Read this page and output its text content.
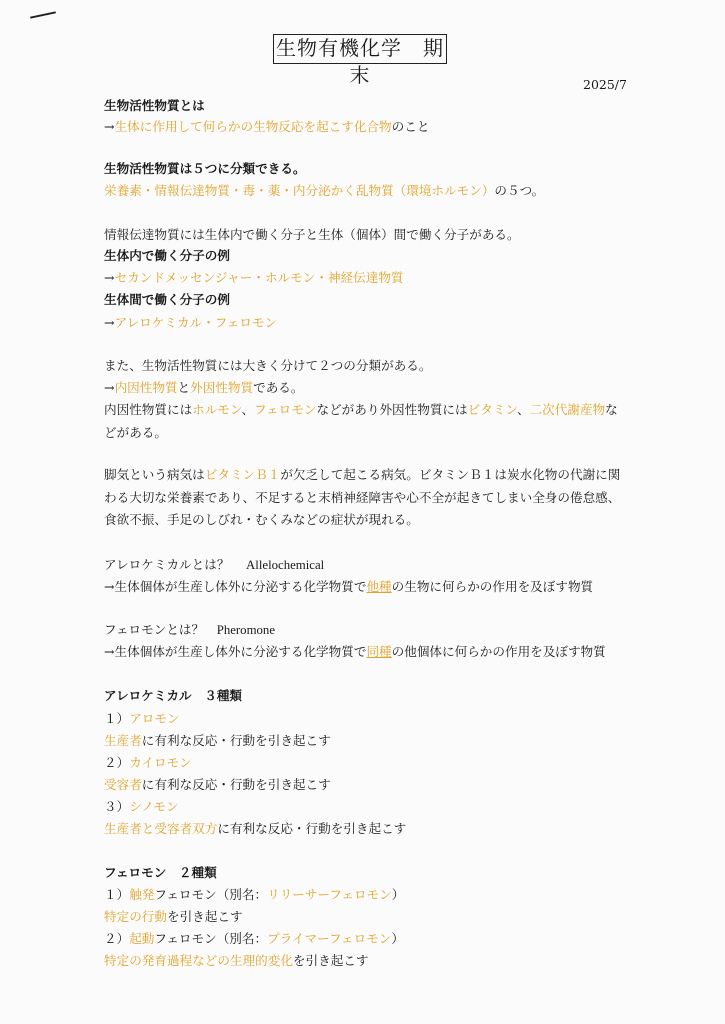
生物有機化学　期末	2025/7
生物活性物質とは
→生体に作用して何らかの生物反応を起こす化合物のこと
生物活性物質は５つに分類できる。
栄養素・情報伝達物質・毒・薬・内分泌かく乱物質（環境ホルモン）の５つ。
情報伝達物質には生体内で働く分子と生体（個体）間で働く分子がある。
生体内で働く分子の例
→セカンドメッセンジャー・ホルモン・神経伝達物質
生体間で働く分子の例
→アレロケミカル・フェロモン
また、生物活性物質には大きく分けて２つの分類がある。
→内因性物質と外因性物質である。
内因性物質にはホルモン、フェロモンなどがあり外因性物質にはビタミン、二次代謝産物な
どがある。
脚気という病気はビタミンＢ１が欠乏して起こる病気。ビタミンＢ１は炭水化物の代謝に関
わる大切な栄養素であり、不足すると末梢神経障害や心不全が起きてしまい全身の倦怠感、
食欲不振、手足のしびれ・むくみなどの症状が現れる。
アレロケミカルとは？　 Allelochemical
→生体個体が生産し体外に分泌する化学物質で他種の生物に何らかの作用を及ぼす物質
フェロモンとは？　Pheromone
→生体個体が生産し体外に分泌する化学物質で同種の他個体に何らかの作用を及ぼす物質
アレロケミカル　３種類
１）アロモン
生産者に有利な反応・行動を引き起こす
２）カイロモン
受容者に有利な反応・行動を引き起こす
３）シノモン
生産者と受容者双方に有利な反応・行動を引き起こす
フェロモン　２種類
１）触発フェロモン（別名：リリーサーフェロモン）
特定の行動を引き起こす
２）起動フェロモン（別名：プライマーフェロモン）
特定の発育過程などの生理的変化を引き起こす
